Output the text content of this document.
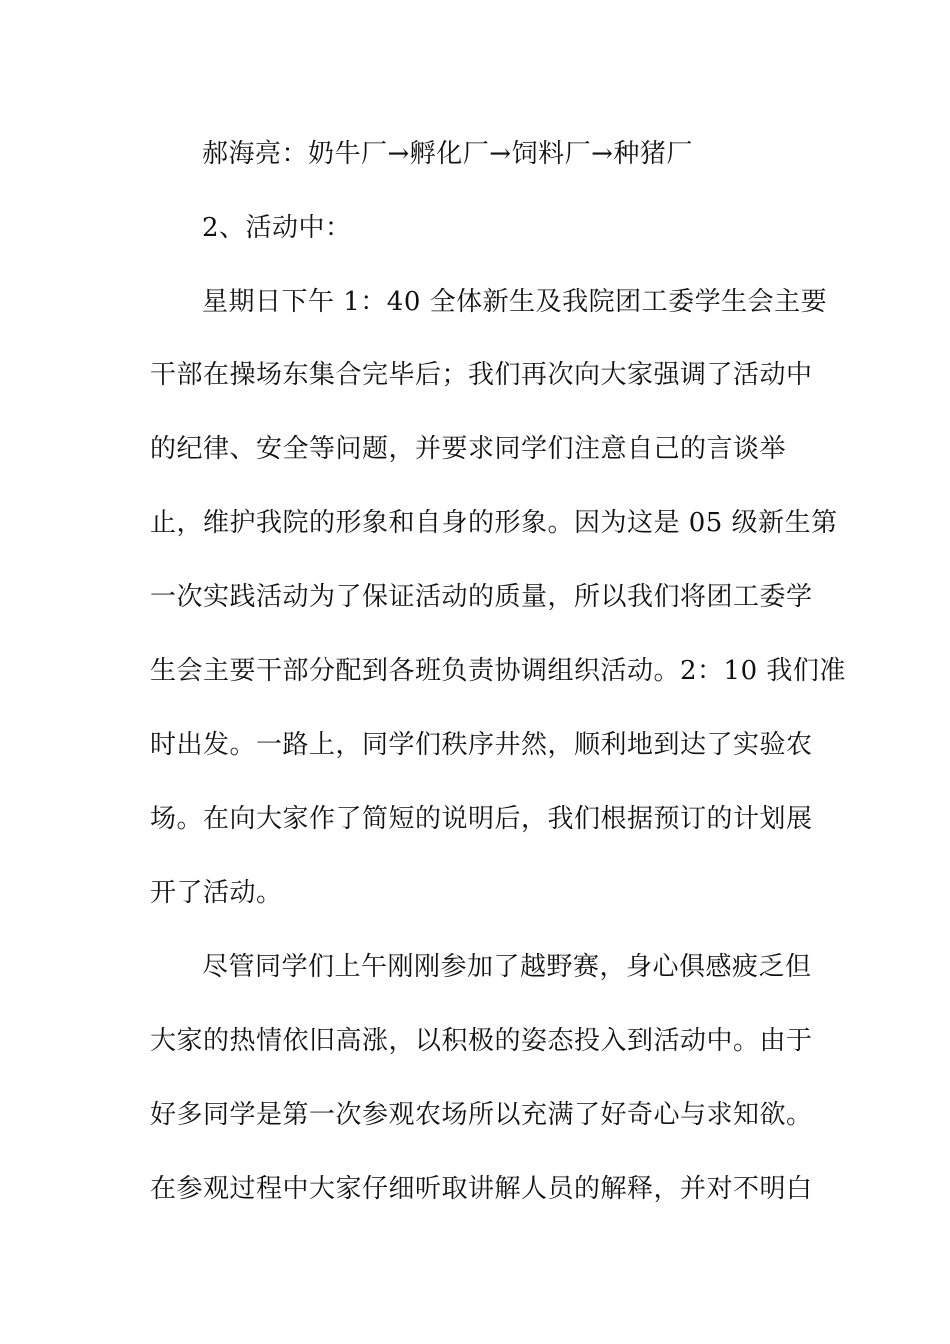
郝海亮：奶牛厂→孵化厂→饲料厂→种猪厂
2、活动中：
星期日下午 1：40 全体新生及我院团工委学生会主要
干部在操场东集合完毕后；我们再次向大家强调了活动中
的纪律、安全等问题，并要求同学们注意自己的言谈举
止，维护我院的形象和自身的形象。因为这是 05 级新生第
一次实践活动为了保证活动的质量，所以我们将团工委学
生会主要干部分配到各班负责协调组织活动。2：10 我们准
时出发。一路上，同学们秩序井然，顺利地到达了实验农
场。在向大家作了简短的说明后，我们根据预订的计划展
开了活动。
尽管同学们上午刚刚参加了越野赛，身心俱感疲乏但
大家的热情依旧高涨，以积极的姿态投入到活动中。由于
好多同学是第一次参观农场所以充满了好奇心与求知欲。
在参观过程中大家仔细听取讲解人员的解释，并对不明白
